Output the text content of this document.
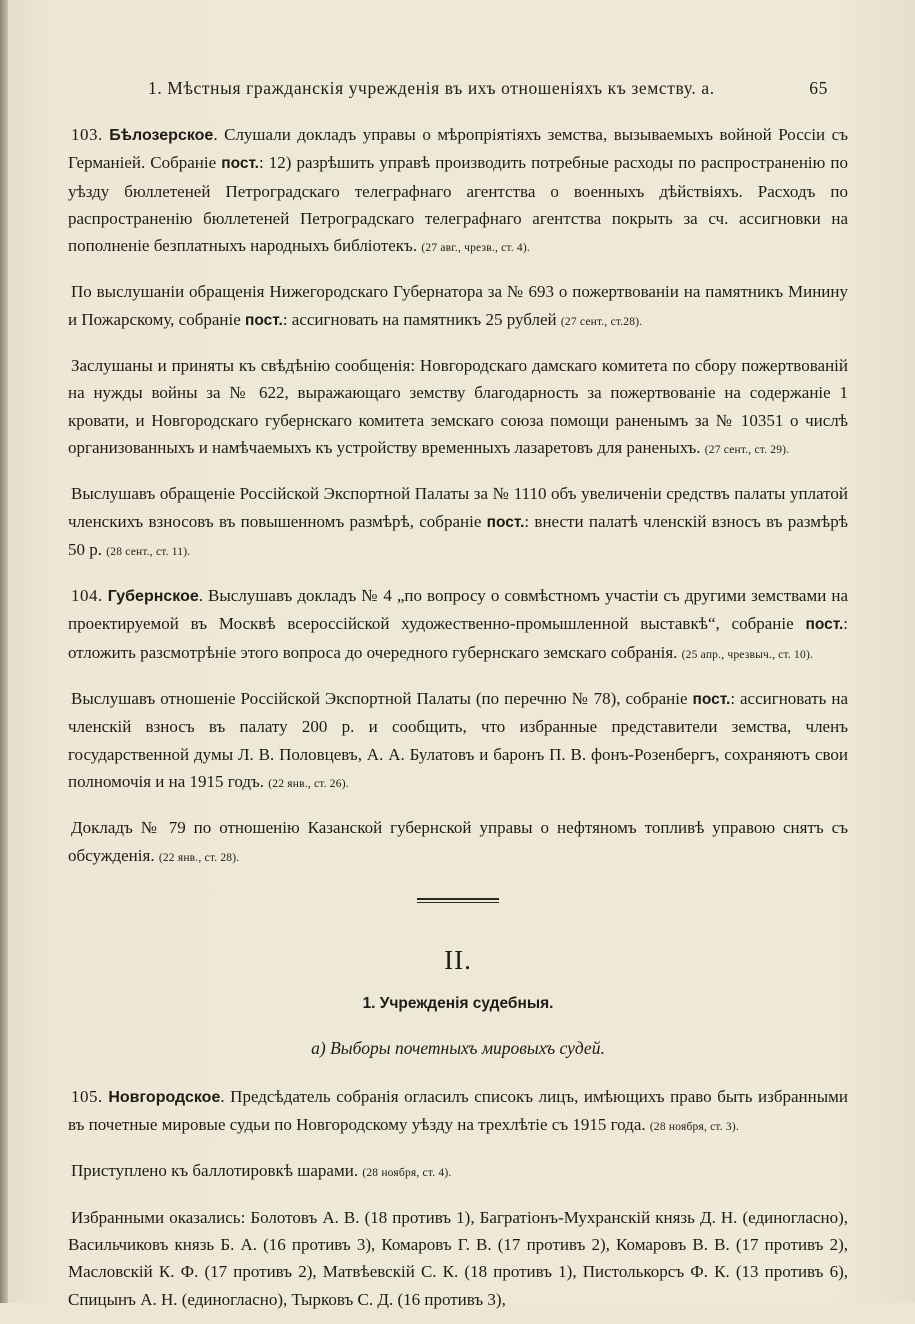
1. Мѣстныя гражданскія учрежденія въ ихъ отношеніяхъ къ земству. а.	65

103. Бѣлозерское. Слушали докладъ управы о мѣропріятіяхъ земства, вызываемыхъ войной Россіи съ Германіей. Собраніе пост.: 12) разрѣшить управѣ производить потребные расходы по распространенію по уѣзду бюллетеней Петроградскаго телеграфнаго агентства о военныхъ дѣйствіяхъ. Расходъ по распространенію бюллетеней Петроградскаго телеграфнаго агентства покрыть за сч. ассигновки на пополненіе безплатныхъ народныхъ библіотекъ. (27 авг., чрезв., ст. 4).

По выслушаніи обращенія Нижегородскаго Губернатора за № 693 о пожертвованіи на памятникъ Минину и Пожарскому, собраніе пост.: ассигновать на памятникъ 25 рублей (27 сент., ст.28).

Заслушаны и приняты къ свѣдѣнію сообщенія: Новгородскаго дамскаго комитета по сбору пожертвованій на нужды войны за № 622, выражающаго земству благодарность за пожертвованіе на содержаніе 1 кровати, и Новгородскаго губернскаго комитета земскаго союза помощи раненымъ за № 10351 о числѣ организованныхъ и намѣчаемыхъ къ устройству временныхъ лазаретовъ для раненыхъ. (27 сент., ст. 29).

Выслушавъ обращеніе Россійской Экспортной Палаты за № 1110 объ увеличеніи средствъ палаты уплатой членскихъ взносовъ въ повышенномъ размѣрѣ, собраніе пост.: внести палатѣ членскій взносъ въ размѣрѣ 50 р. (28 сент., ст. 11).

104. Губернское. Выслушавъ докладъ № 4 „по вопросу о совмѣстномъ участіи съ другими земствами на проектируемой въ Москвѣ всероссійской художественно-промышленной выставкѣ“, собраніе пост.: отложить разсмотрѣніе этого вопроса до очередного губернскаго земскаго собранія. (25 апр., чрезвыч., ст. 10).

Выслушавъ отношеніе Россійской Экспортной Палаты (по перечню № 78), собраніе пост.: ассигновать на членскій взносъ въ палату 200 р. и сообщить, что избранные представители земства, членъ государственной думы Л. В. Половцевъ, А. А. Булатовъ и баронъ П. В. фонъ-Розенбергъ, сохраняютъ свои полномочія и на 1915 годъ. (22 янв., ст. 26).

Докладъ № 79 по отношенію Казанской губернской управы о нефтяномъ топливѣ управою снятъ съ обсужденія. (22 янв., ст. 28).

II.
1. Учрежденія судебныя.
а) Выборы почетныхъ мировыхъ судей.

105. Новгородское. Предсѣдатель собранія огласилъ списокъ лицъ, имѣющихъ право быть избранными въ почетные мировые судьи по Новгородскому уѣзду на трехлѣтіе съ 1915 года. (28 ноября, ст. 3).

Приступлено къ баллотировкѣ шарами. (28 ноября, ст. 4).

Избранными оказались: Болотовъ А. В. (18 противъ 1), Багратіонъ-Мухранскій князь Д. Н. (единогласно), Васильчиковъ князь Б. А. (16 противъ 3), Комаровъ Г. В. (17 противъ 2), Комаровъ В. В. (17 противъ 2), Масловскій К. Ф. (17 противъ 2), Матвѣевскій С. К. (18 противъ 1), Пистолькорсъ Ф. К. (13 противъ 6), Спицынъ А. Н. (единогласно), Тырковъ С. Д. (16 противъ 3),
